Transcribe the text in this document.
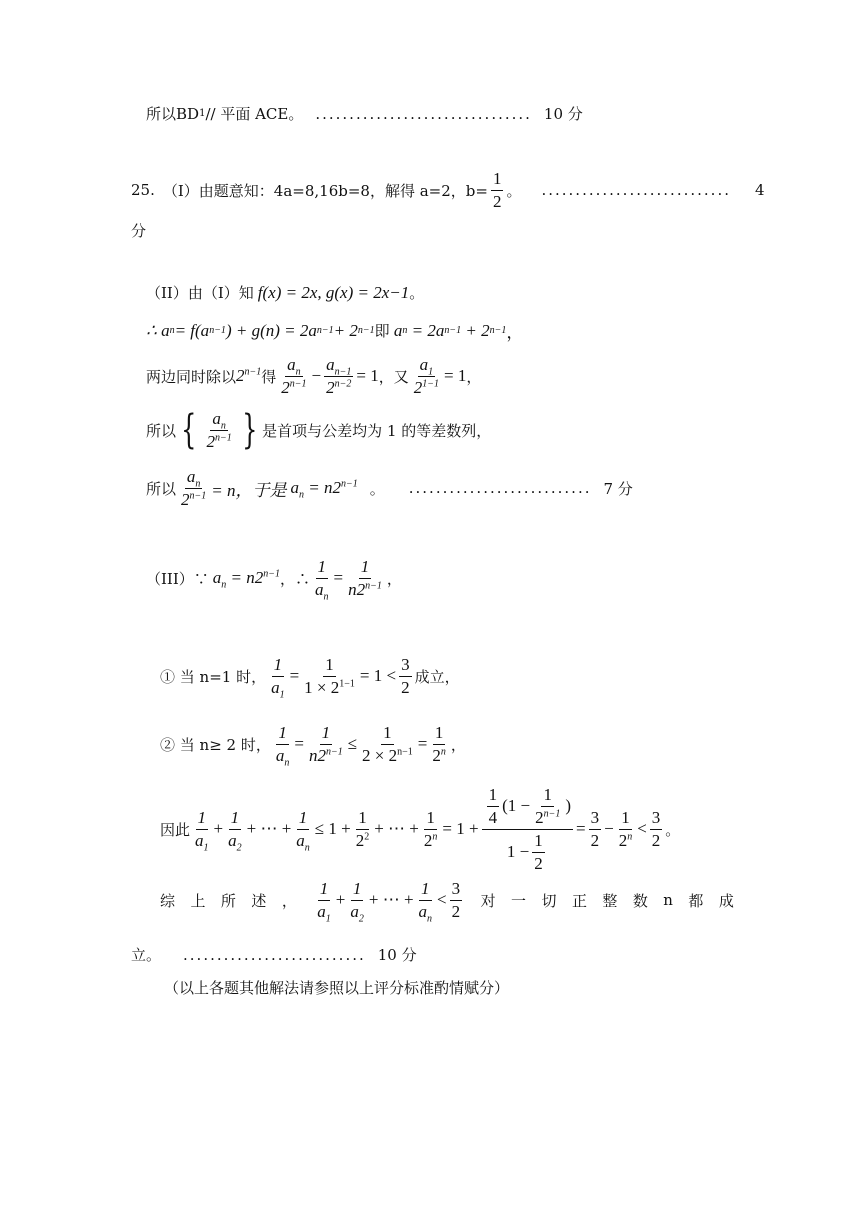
所以BD 1 // 平面 ACE。 ................................ 10 分
25. （I）由题意知：4a=8,16b=8，解得 a=2，$b= \frac{1}{2}$ 。 ............................ 4
分
（II）由（I）知 f(x) = 2x, g(x) = 2 x−1 。
∴ a n = f(a n−1 ) + g(n) = 2a n−1 + 2 n−1 即 a n = 2a n−1 + 2 n−1 ，
两边同时除以 $2^{n-1}$ 得 $\frac{a_n}{2^{n-1}} - \frac{a_{n-1}}{2^{n-2}} = 1$ ，又 $\frac{a_1}{2^{1-1}} = 1$ ，
所以 { $\frac{a_n}{2^{n-1}}$ } 是首项与公差均为 1 的等差数列，
所以 $\frac{a_n}{2^{n-1}} = n$，于是 $a_n = n2^{n-1}$ 。 ........................... 7 分
（III）∵ $a_n = n2^{n-1}$ ，∴ $\frac{1}{a_n} = \frac{1}{n2^{n-1}}$ ，
① 当 n=1 时， $\frac{1}{a_1} = \frac{1}{1 \times 2^{1-1}} = 1 < \frac{3}{2}$ 成立，
② 当 n≥ 2 时， $\frac{1}{a_n} = \frac{1}{n2^{n-1}} \le \frac{1}{2 \times 2^{n-1}} = \frac{1}{2^n}$ ，
因此 $\frac{1}{a_1} + \frac{1}{a_2}$ + ⋯ + $\frac{1}{a_n} \le 1 + \frac{1}{2^2}$ + ⋯ + $\frac{1}{2^n} = 1 + \frac{\frac{1}{4} (1 - \frac{1}{2^{n-1}} )}{1 - \frac{1}{2}} = \frac{3}{2} - \frac{1}{2^n} < \frac{3}{2}$ 。
综 上 所 述 ， $\frac{1}{a_1} + \frac{1}{a_2}$ + ⋯ + $\frac{1}{a_n} < \frac{3}{2}$ 对 一 切 正 整 数 n 都 成
立。 ........................... 10 分
（以上各题其他解法请参照以上评分标准酌情赋分）
